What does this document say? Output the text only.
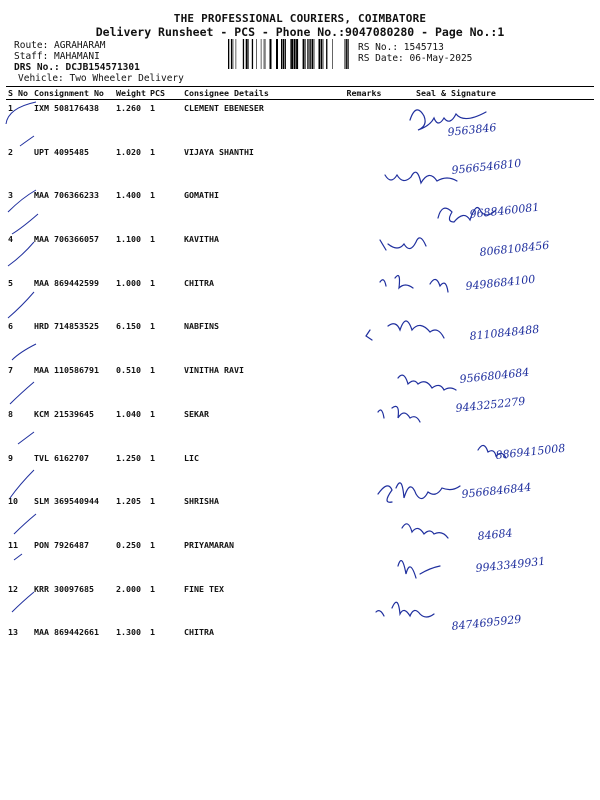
THE PROFESSIONAL COURIERS, COIMBATORE
Delivery Runsheet - PCS - Phone No.:9047080280 - Page No.:1
Route: AGRAHARAM
Staff: MAHAMANI
DRS No.: DCJB154571301
Vehicle: Two Wheeler Delivery
RS No.: 1545713
RS Date: 06-May-2025
S No	Consignment No	Weight	PCS	Consignee Details	Remarks	Seal & Signature
1	IXM 508176438	1.260	1	CLEMENT EBENESER		
2	UPT 4095485	1.020	1	VIJAYA SHANTHI		
3	MAA 706366233	1.400	1	GOMATHI		
4	MAA 706366057	1.100	1	KAVITHA		
5	MAA 869442599	1.000	1	CHITRA		
6	HRD 714853525	6.150	1	NABFINS		
7	MAA 110586791	0.510	1	VINITHA RAVI		
8	KCM 21539645	1.040	1	SEKAR		
9	TVL 6162707	1.250	1	LIC		
10	SLM 369540944	1.205	1	SHRISHA		
11	PON 7926487	0.250	1	PRIYAMARAN		
12	KRR 30097685	2.000	1	FINE TEX		
13	MAA 869442661	1.300	1	CHITRA		
9563846
9566546810
9688460081
8068108456
9498684100
8110848488
9566804684
9443252279
8869415008
9566846844
84684
9943349931
8474695929
